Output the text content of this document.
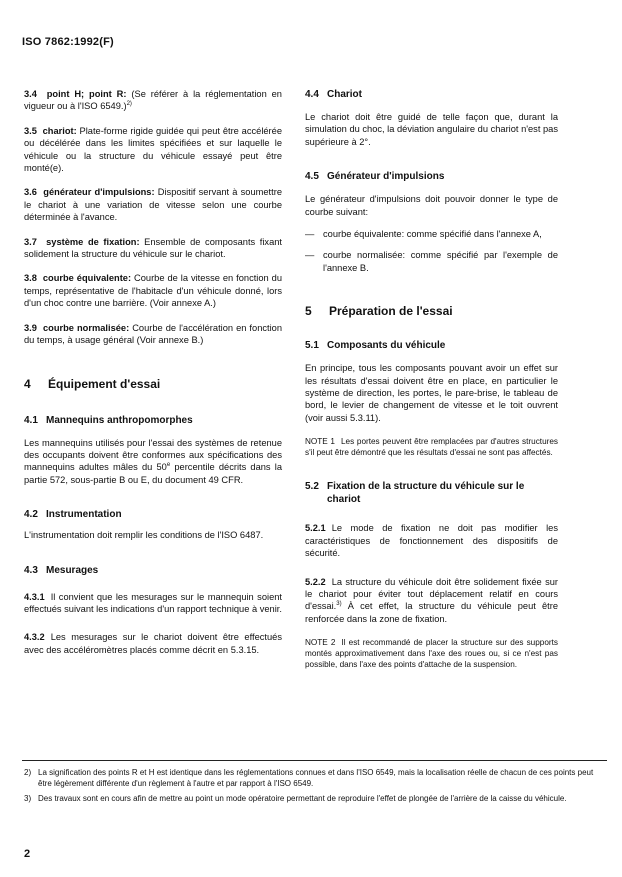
ISO 7862:1992(F)

3.4 point H; point R: (Se référer à la réglementation en vigueur ou à l'ISO 6549.)$^{2)}$

3.5 chariot: Plate-forme rigide guidée qui peut être accélérée ou décélérée dans les limites spécifiées et sur laquelle le véhicule ou la structure du véhicule essayé peut être monté(e).

3.6 générateur d'impulsions: Dispositif servant à soumettre le chariot à une variation de vitesse selon une courbe déterminée à l'avance.

3.7 système de fixation: Ensemble de composants fixant solidement la structure du véhicule sur le chariot.

3.8 courbe équivalente: Courbe de la vitesse en fonction du temps, représentative de l'habitacle d'un véhicule donné, lors d'un choc contre une barrière. (Voir annexe A.)

3.9 courbe normalisée: Courbe de l'accélération en fonction du temps, à usage général (Voir annexe B.)

4 Équipement d'essai
4.1 Mannequins anthropomorphes

Les mannequins utilisés pour l'essai des systèmes de retenue des occupants doivent être conformes aux spécifications des mannequins adultes mâles du 50e percentile décrits dans la partie 572, sous-partie B ou E, du document 49 CFR.

4.2 Instrumentation

L'instrumentation doit remplir les conditions de l'ISO 6487.

4.3 Mesurages

4.3.1 Il convient que les mesurages sur le mannequin soient effectués suivant les indications d'un rapport technique à venir.

4.3.2 Les mesurages sur le chariot doivent être effectués avec des accéléromètres placés comme décrit en 5.3.15.

4.4 Chariot

Le chariot doit être guidé de telle façon que, durant la simulation du choc, la déviation angulaire du chariot n'est pas supérieure à 2°.

4.5 Générateur d'impulsions

Le générateur d'impulsions doit pouvoir donner le type de courbe suivant:

— courbe équivalente: comme spécifié dans l'annexe A,
— courbe normalisée: comme spécifié par l'exemple de l'annexe B.
5 Préparation de l'essai
5.1 Composants du véhicule

En principe, tous les composants pouvant avoir un effet sur les résultats d'essai doivent être en place, en particulier le système de direction, les portes, le pare-brise, le tableau de bord, le levier de changement de vitesse et le toit ouvrent (voir aussi 5.3.11).

NOTE 1 Les portes peuvent être remplacées par d'autres structures s'il peut être démontré que les résultats d'essai ne sont pas affectés.

5.2 Fixation de la structure du véhicule sur le chariot

5.2.1 Le mode de fixation ne doit pas modifier les caractéristiques de fonctionnement des dispositifs de sécurité.

5.2.2 La structure du véhicule doit être solidement fixée sur le chariot pour éviter tout déplacement relatif en cours d'essai.$^{3)}$ À cet effet, la structure du véhicule peut être renforcée dans la zone de fixation.

NOTE 2 Il est recommandé de placer la structure sur des supports montés approximativement dans l'axe des roues ou, si ce n'est pas possible, dans l'axe des points d'attache de la suspension.

2) La signification des points R et H est identique dans les réglementations connues et dans l'ISO 6549, mais la localisation réelle de chacun de ces points peut être légèrement différente d'un règlement à l'autre et par rapport à l'ISO 6549.
3) Des travaux sont en cours afin de mettre au point un mode opératoire permettant de reproduire l'effet de plongée de l'arrière de la caisse du véhicule.
2
